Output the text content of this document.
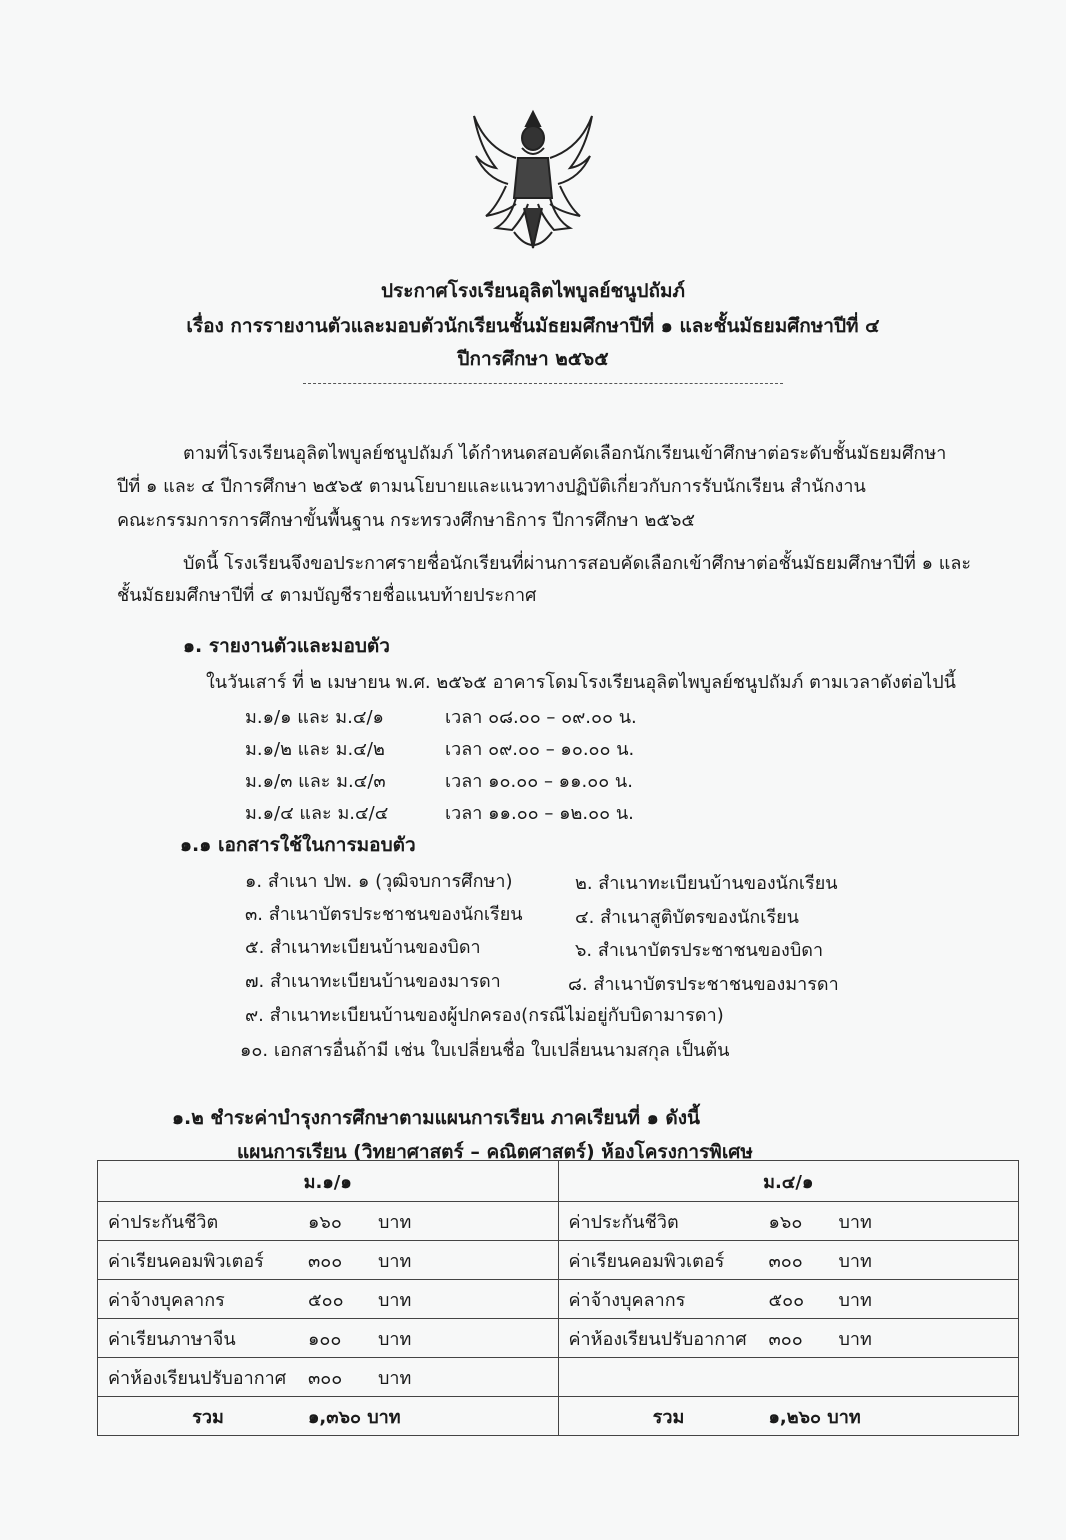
ประกาศโรงเรียนอุลิตไพบูลย์ชนูปถัมภ์
เรื่อง การรายงานตัวและมอบตัวนักเรียนชั้นมัธยมศึกษาปีที่ ๑ และชั้นมัธยมศึกษาปีที่ ๔
ปีการศึกษา ๒๕๖๕
ตามที่โรงเรียนอุลิตไพบูลย์ชนูปถัมภ์ ได้กำหนดสอบคัดเลือกนักเรียนเข้าศึกษาต่อระดับชั้นมัธยมศึกษา
ปีที่ ๑ และ ๔ ปีการศึกษา ๒๕๖๕ ตามนโยบายและแนวทางปฏิบัติเกี่ยวกับการรับนักเรียน สำนักงาน
คณะกรรมการการศึกษาขั้นพื้นฐาน กระทรวงศึกษาธิการ ปีการศึกษา ๒๕๖๕
บัดนี้ โรงเรียนจึงขอประกาศรายชื่อนักเรียนที่ผ่านการสอบคัดเลือกเข้าศึกษาต่อชั้นมัธยมศึกษาปีที่ ๑ และ
ชั้นมัธยมศึกษาปีที่ ๔ ตามบัญชีรายชื่อแนบท้ายประกาศ
๑. รายงานตัวและมอบตัว
ในวันเสาร์ ที่ ๒ เมษายน พ.ศ. ๒๕๖๕ อาคารโดมโรงเรียนอุลิตไพบูลย์ชนูปถัมภ์ ตามเวลาดังต่อไปนี้
ม.๑/๑ และ ม.๔/๑	เวลา ๐๘.๐๐ – ๐๙.๐๐ น.
ม.๑/๒ และ ม.๔/๒	เวลา ๐๙.๐๐ – ๑๐.๐๐ น.
ม.๑/๓ และ ม.๔/๓	เวลา ๑๐.๐๐ – ๑๑.๐๐ น.
ม.๑/๔ และ ม.๔/๔	เวลา ๑๑.๐๐ – ๑๒.๐๐ น.
๑.๑ เอกสารใช้ในการมอบตัว
๑. สำเนา ปพ. ๑ (วุฒิจบการศึกษา)	๒. สำเนาทะเบียนบ้านของนักเรียน
๓. สำเนาบัตรประชาชนของนักเรียน	๔. สำเนาสูติบัตรของนักเรียน
๕. สำเนาทะเบียนบ้านของบิดา	๖. สำเนาบัตรประชาชนของบิดา
๗. สำเนาทะเบียนบ้านของมารดา	๘. สำเนาบัตรประชาชนของมารดา
๙. สำเนาทะเบียนบ้านของผู้ปกครอง(กรณีไม่อยู่กับบิดามารดา)
๑๐. เอกสารอื่นถ้ามี เช่น ใบเปลี่ยนชื่อ ใบเปลี่ยนนามสกุล เป็นต้น
๑.๒ ชำระค่าบำรุงการศึกษาตามแผนการเรียน ภาคเรียนที่ ๑ ดังนี้
แผนการเรียน (วิทยาศาสตร์ – คณิตศาสตร์) ห้องโครงการพิเศษ
ม.๑/๑	ม.๔/๑

ค่าประกันชีวิต ๑๖๐ บาท	ค่าประกันชีวิต ๑๖๐ บาท

ค่าเรียนคอมพิวเตอร์ ๓๐๐ บาท	ค่าเรียนคอมพิวเตอร์ ๓๐๐ บาท

ค่าจ้างบุคลากร ๕๐๐ บาท	ค่าจ้างบุคลากร ๕๐๐ บาท

ค่าเรียนภาษาจีน ๑๐๐ บาท	ค่าห้องเรียนปรับอากาศ ๓๐๐ บาท

ค่าห้องเรียนปรับอากาศ ๓๐๐ บาท	

รวม ๑,๓๖๐ บาท	รวม ๑,๒๖๐ บาท
